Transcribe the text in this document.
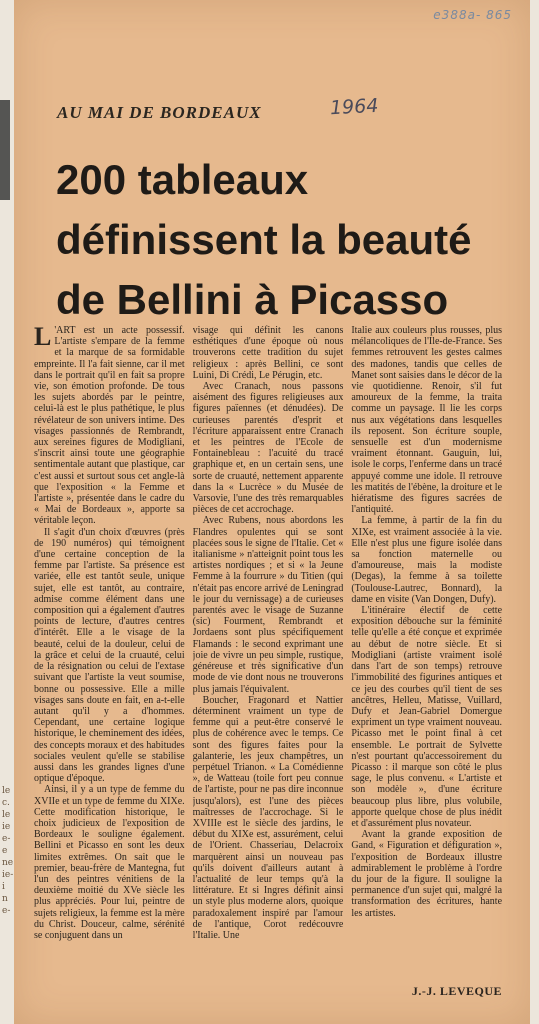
le c. le ie e- e ne ie- i n e-
e388a- 865
1964
AU MAI DE BORDEAUX
200 tableaux
définissent la beauté
de Bellini à Picasso

L 'ART est un acte possessif. L'artiste s'empare de la femme et la marque de sa formidable empreinte. Il l'a fait sienne, car il met dans le portrait qu'il en fait sa propre vie, son émotion profonde. De tous les sujets abordés par le peintre, celui-là est le plus pathétique, le plus révélateur de son univers intime. Des visages passionnés de Rembrandt, aux sereines figures de Modigliani, s'inscrit ainsi toute une géographie sentimentale autant que plastique, car c'est aussi et surtout sous cet angle-là que l'exposition « la Femme et l'artiste », présentée dans le cadre du « Mai de Bordeaux », apporte sa véritable leçon.

Il s'agit d'un choix d'œuvres (près de 190 numéros) qui témoignent d'une certaine conception de la femme par l'artiste. Sa présence est variée, elle est tantôt seule, unique sujet, elle est tantôt, au contraire, admise comme élément dans une composition qui a également d'autres points de lecture, d'autres centres d'intérêt. Elle a le visage de la beauté, celui de la douleur, celui de la grâce et celui de la cruauté, celui de la résignation ou celui de l'extase suivant que l'artiste la veut soumise, bonne ou possessive. Elle a mille visages sans doute en fait, en a-t-elle autant qu'il y a d'hommes. Cependant, une certaine logique historique, le cheminement des idées, des concepts moraux et des habitudes sociales veulent qu'elle se stabilise aussi dans les grandes lignes d'une optique d'époque.

Ainsi, il y a un type de femme du XVIIe et un type de femme du XIXe. Cette modification historique, le choix judicieux de l'exposition de Bordeaux le souligne également. Bellini et Picasso en sont les deux limites extrêmes. On sait que le premier, beau-frère de Mantegna, fut l'un des peintres vénitiens de la deuxième moitié du XVe siècle les plus appréciés. Pour lui, peintre de sujets religieux, la femme est la mère du Christ. Douceur, calme, sérénité se conjuguent dans un

visage qui définit les canons esthétiques d'une époque où nous trouverons cette tradition du sujet religieux : après Bellini, ce sont Luini, Di Crédi, Le Pérugin, etc.

Avec Cranach, nous passons aisément des figures religieuses aux figures païennes (et dénudées). De curieuses parentés d'esprit et l'écriture apparaissent entre Cranach et les peintres de l'Ecole de Fontainebleau : l'acuité du tracé graphique et, en un certain sens, une sorte de cruauté, nettement apparente dans la « Lucrèce » du Musée de Varsovie, l'une des très remarquables pièces de cet accrochage.

Avec Rubens, nous abordons les Flandres opulentes qui se sont placées sous le signe de l'Italie. Cet « italianisme » n'atteignit point tous les artistes nordiques ; et si « la Jeune Femme à la fourrure » du Titien (qui n'était pas encore arrivé de Leningrad le jour du vernissage) a de curieuses parentés avec le visage de Suzanne (sic) Fourment, Rembrandt et Jordaens sont plus spécifiquement Flamands : le second exprimant une joie de vivre un peu simple, rustique, généreuse et très significative d'un mode de vie dont nous ne trouverons plus jamais l'équivalent.

Boucher, Fragonard et Nattier déterminent vraiment un type de femme qui a peut-être conservé le plus de cohérence avec le temps. Ce sont des figures faites pour la galanterie, les jeux champêtres, un perpétuel Trianon. « La Comédienne », de Watteau (toile fort peu connue de l'artiste, pour ne pas dire inconnue jusqu'alors), est l'une des pièces maîtresses de l'accrochage. Si le XVIIIe est le siècle des jardins, le début du XIXe est, assurément, celui de l'Orient. Chasseriau, Delacroix marquèrent ainsi un nouveau pas qu'ils doivent d'ailleurs autant à l'actualité de leur temps qu'à la littérature. Et si Ingres définit ainsi un style plus moderne alors, quoique paradoxalement inspiré par l'amour de l'antique, Corot redécouvre l'Italie. Une

Italie aux couleurs plus rousses, plus mélancoliques de l'Ile-de-France. Ses femmes retrouvent les gestes calmes des madones, tandis que celles de Manet sont saisies dans le décor de la vie quotidienne. Renoir, s'il fut amoureux de la femme, la traita comme un paysage. Il lie les corps nus aux végétations dans lesquelles ils reposent. Son écriture souple, sensuelle est d'un modernisme vraiment étonnant. Gauguin, lui, isole le corps, l'enferme dans un tracé appuyé comme une idole. Il retrouve les matités de l'ébène, la droiture et le hiératisme des figures sacrées de l'antiquité.

La femme, à partir de la fin du XIXe, est vraiment associée à la vie. Elle n'est plus une figure isolée dans sa fonction maternelle ou d'amoureuse, mais la modiste (Degas), la femme à sa toilette (Toulouse-Lautrec, Bonnard), la dame en visite (Van Dongen, Dufy).

L'itinéraire électif de cette exposition débouche sur la féminité telle qu'elle a été conçue et exprimée au début de notre siècle. Et si Modigliani (artiste vraiment isolé dans l'art de son temps) retrouve l'immobilité des figurines antiques et ce jeu des courbes qu'il tient de ses ancêtres, Helleu, Matisse, Vuillard, Dufy et Jean-Gabriel Domergue expriment un type vraiment nouveau. Picasso met le point final à cet ensemble. Le portrait de Sylvette n'est pourtant qu'accessoirement du Picasso : il marque son côté le plus sage, le plus convenu. « L'artiste et son modèle », d'une écriture beaucoup plus libre, plus volubile, apporte quelque chose de plus inédit et d'assurément plus novateur.

Avant la grande exposition de Gand, « Figuration et défiguration », l'exposition de Bordeaux illustre admirablement le problème à l'ordre du jour de la figure. Il souligne la permanence d'un sujet qui, malgré la transformation des écritures, hante les artistes.

J.-J. LEVEQUE
